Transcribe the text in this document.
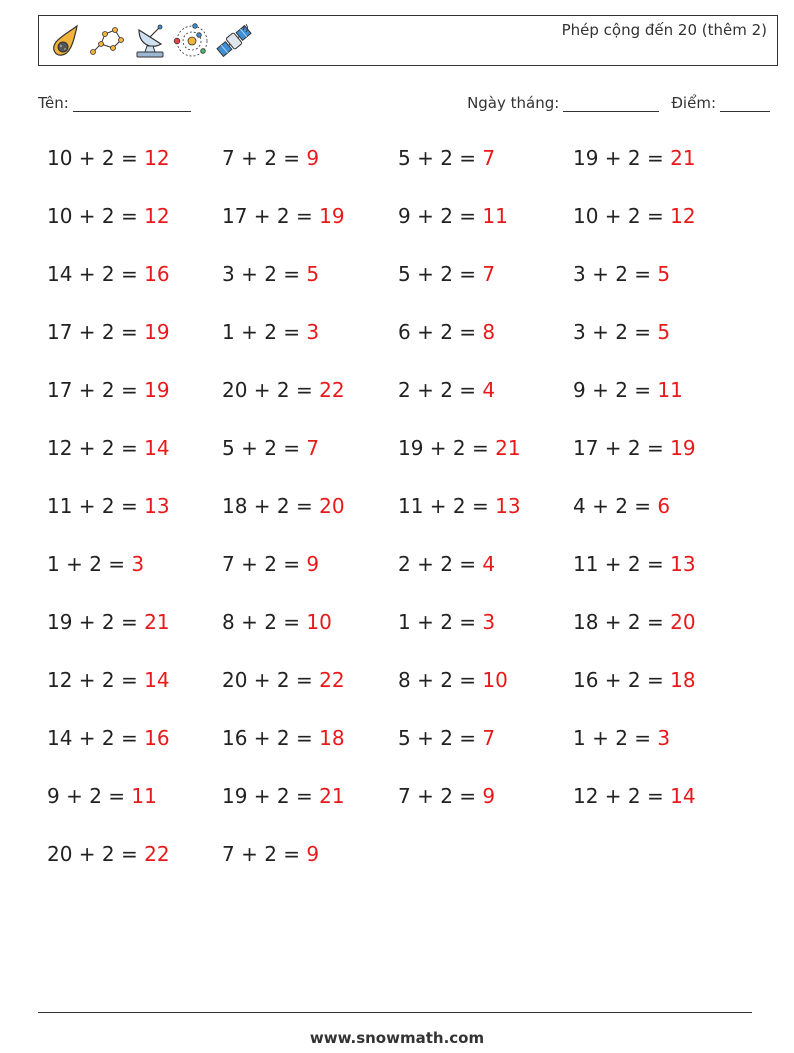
Phép cộng đến 20 (thêm 2)
Tên:	Ngày tháng:	Điểm:
10 + 2 = 12	7 + 2 = 9	5 + 2 = 7	19 + 2 = 21
10 + 2 = 12	17 + 2 = 19	9 + 2 = 11	10 + 2 = 12
14 + 2 = 16	3 + 2 = 5	5 + 2 = 7	3 + 2 = 5
17 + 2 = 19	1 + 2 = 3	6 + 2 = 8	3 + 2 = 5
17 + 2 = 19	20 + 2 = 22	2 + 2 = 4	9 + 2 = 11
12 + 2 = 14	5 + 2 = 7	19 + 2 = 21	17 + 2 = 19
11 + 2 = 13	18 + 2 = 20	11 + 2 = 13	4 + 2 = 6
1 + 2 = 3	7 + 2 = 9	2 + 2 = 4	11 + 2 = 13
19 + 2 = 21	8 + 2 = 10	1 + 2 = 3	18 + 2 = 20
12 + 2 = 14	20 + 2 = 22	8 + 2 = 10	16 + 2 = 18
14 + 2 = 16	16 + 2 = 18	5 + 2 = 7	1 + 2 = 3
9 + 2 = 11	19 + 2 = 21	7 + 2 = 9	12 + 2 = 14
20 + 2 = 22	7 + 2 = 9
www.snowmath.com
